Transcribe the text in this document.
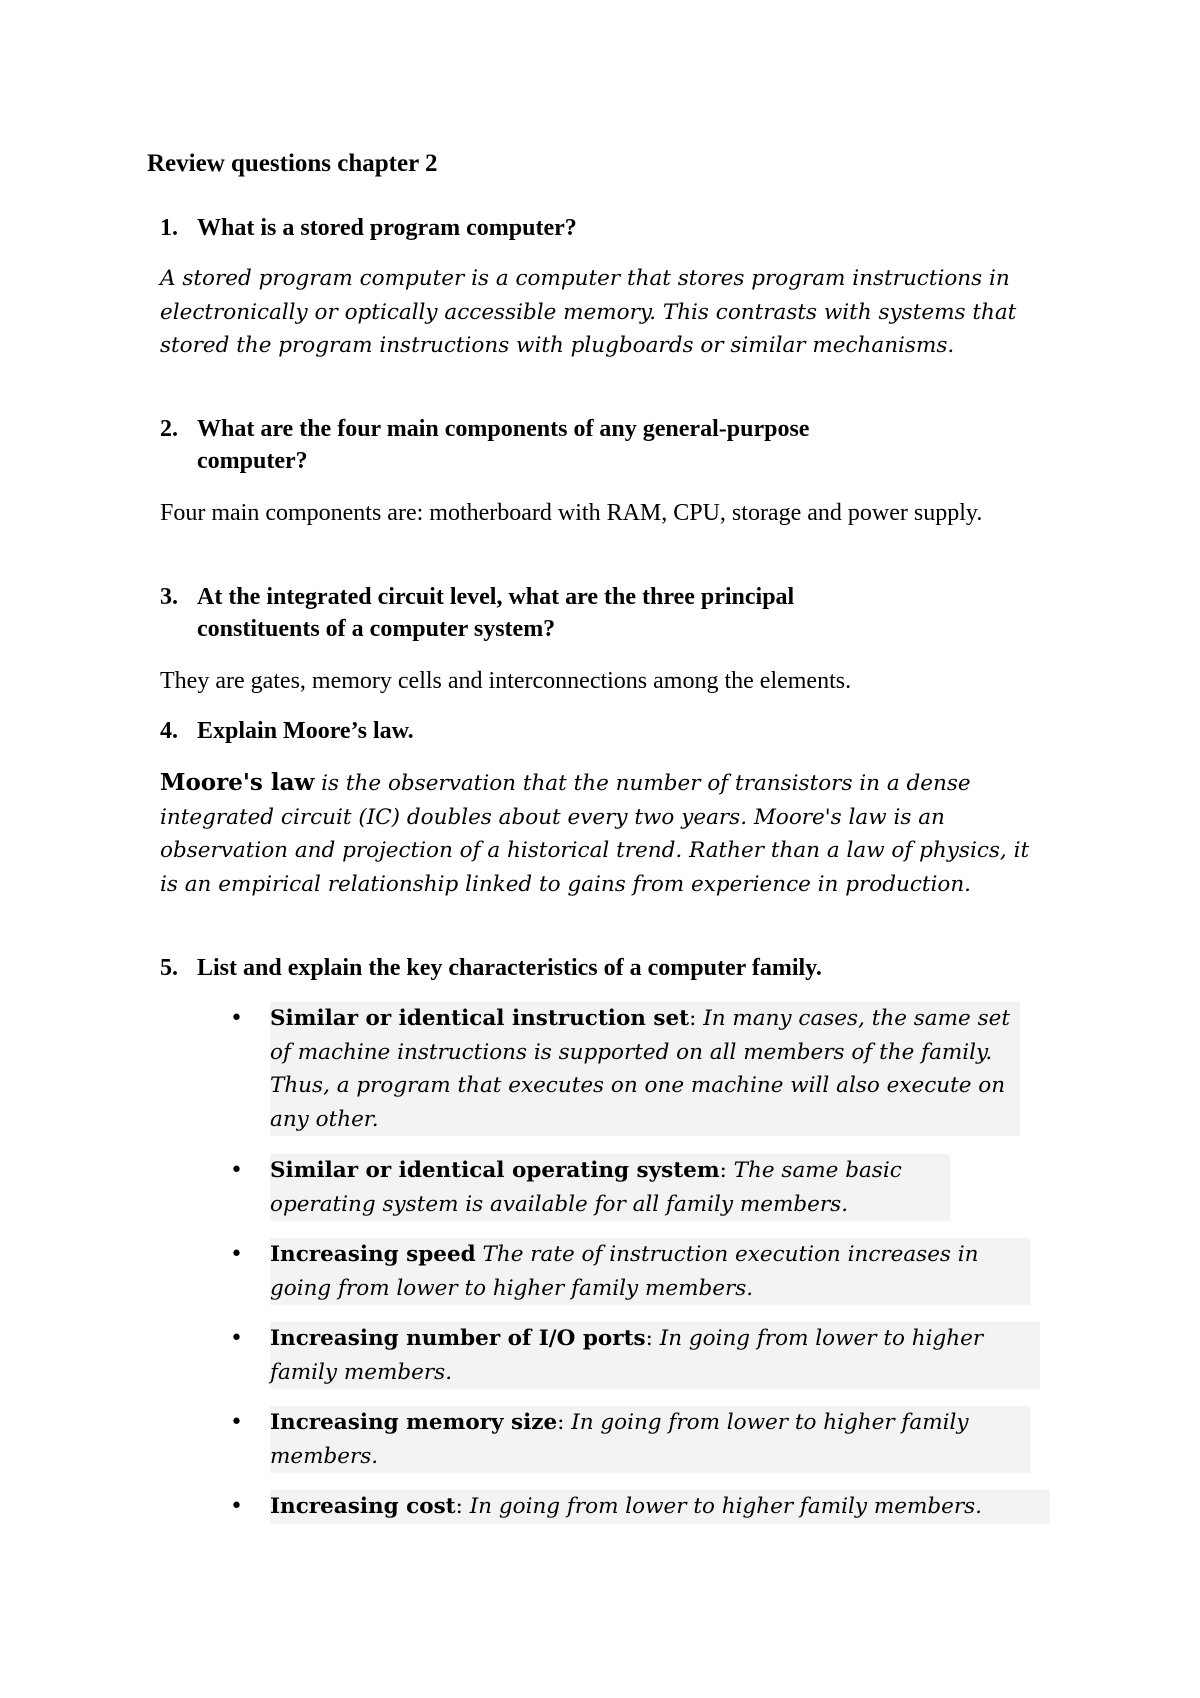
Review questions chapter 2
1. What is a stored program computer?
A stored program computer is a computer that stores program instructions in electronically or optically accessible memory. This contrasts with systems that stored the program instructions with plugboards or similar mechanisms.
2. What are the four main components of any general-purpose computer?
Four main components are: motherboard with RAM, CPU, storage and power supply.
3. At the integrated circuit level, what are the three principal constituents of a computer system?
They are gates, memory cells and interconnections among the elements.
4. Explain Moore’s law.
Moore's law is the observation that the number of transistors in a dense integrated circuit (IC) doubles about every two years. Moore's law is an observation and projection of a historical trend. Rather than a law of physics, it is an empirical relationship linked to gains from experience in production.
5. List and explain the key characteristics of a computer family.
• Similar or identical instruction set: In many cases, the same set of machine instructions is supported on all members of the family. Thus, a program that executes on one machine will also execute on any other.
• Similar or identical operating system: The same basic operating system is available for all family members.
• Increasing speed The rate of instruction execution increases in going from lower to higher family members.
• Increasing number of I/O ports: In going from lower to higher family members.
• Increasing memory size: In going from lower to higher family members.
• Increasing cost: In going from lower to higher family members.
